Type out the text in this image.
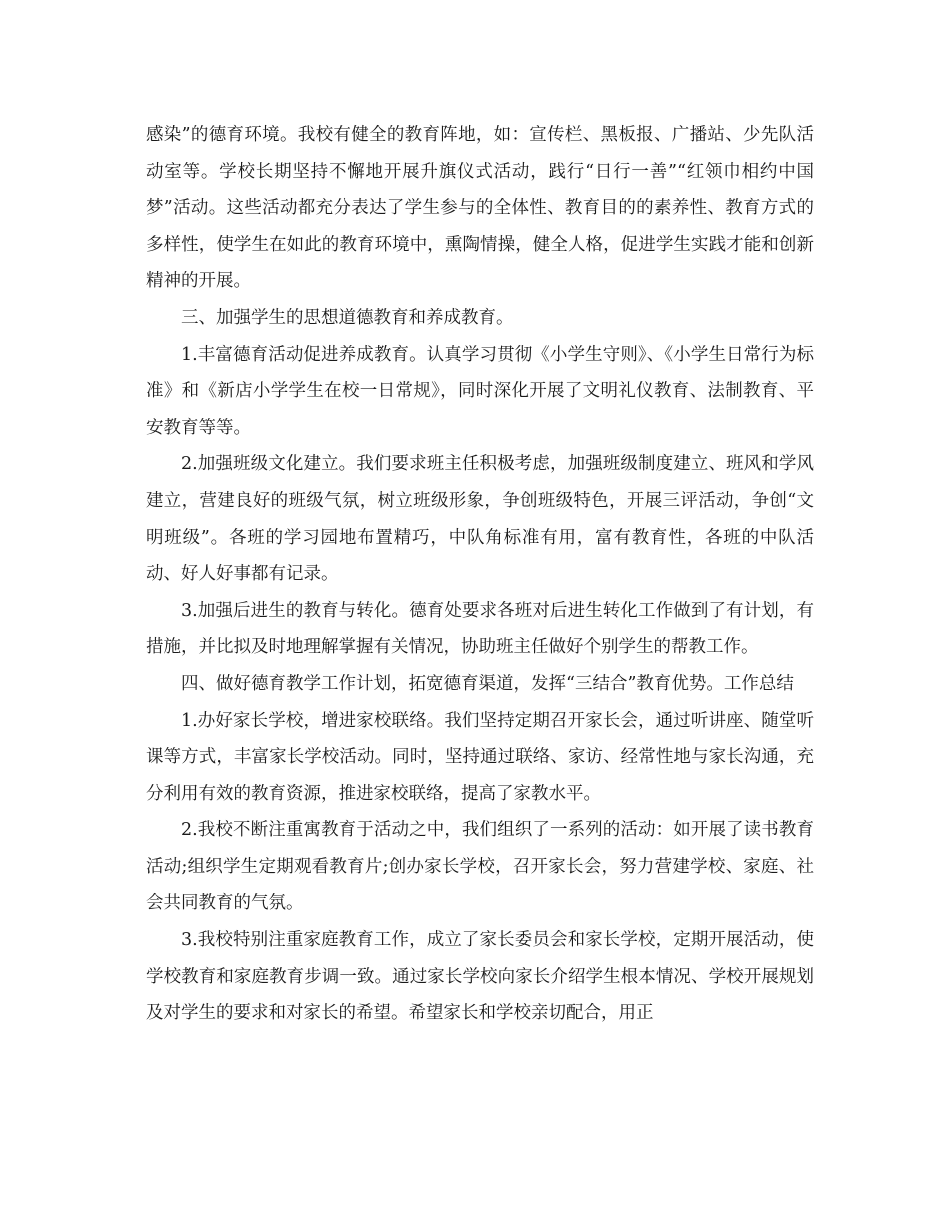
感染”的德育环境。我校有健全的教育阵地，如：宣传栏、黑板报、广播站、少先队活动室等。学校长期坚持不懈地开展升旗仪式活动，践行“日行一善”“红领巾相约中国梦”活动。这些活动都充分表达了学生参与的全体性、教育目的的素养性、教育方式的多样性，使学生在如此的教育环境中，熏陶情操，健全人格，促进学生实践才能和创新精神的开展。

三、加强学生的思想道德教育和养成教育。

1.丰富德育活动促进养成教育。认真学习贯彻《小学生守则》、《小学生日常行为标准》和《新店小学学生在校一日常规》，同时深化开展了文明礼仪教育、法制教育、平安教育等等。

2.加强班级文化建立。我们要求班主任积极考虑，加强班级制度建立、班风和学风建立，营建良好的班级气氛，树立班级形象，争创班级特色，开展三评活动，争创“文明班级”。各班的学习园地布置精巧，中队角标准有用，富有教育性，各班的中队活动、好人好事都有记录。

3.加强后进生的教育与转化。德育处要求各班对后进生转化工作做到了有计划，有措施，并比拟及时地理解掌握有关情况，协助班主任做好个别学生的帮教工作。

四、做好德育教学工作计划，拓宽德育渠道，发挥“三结合”教育优势。工作总结

1.办好家长学校，增进家校联络。我们坚持定期召开家长会，通过听讲座、随堂听课等方式，丰富家长学校活动。同时，坚持通过联络、家访、经常性地与家长沟通，充分利用有效的教育资源，推进家校联络，提高了家教水平。

2.我校不断注重寓教育于活动之中，我们组织了一系列的活动：如开展了读书教育活动;组织学生定期观看教育片;创办家长学校，召开家长会，努力营建学校、家庭、社会共同教育的气氛。

3.我校特别注重家庭教育工作，成立了家长委员会和家长学校，定期开展活动，使学校教育和家庭教育步调一致。通过家长学校向家长介绍学生根本情况、学校开展规划及对学生的要求和对家长的希望。希望家长和学校亲切配合，用正
